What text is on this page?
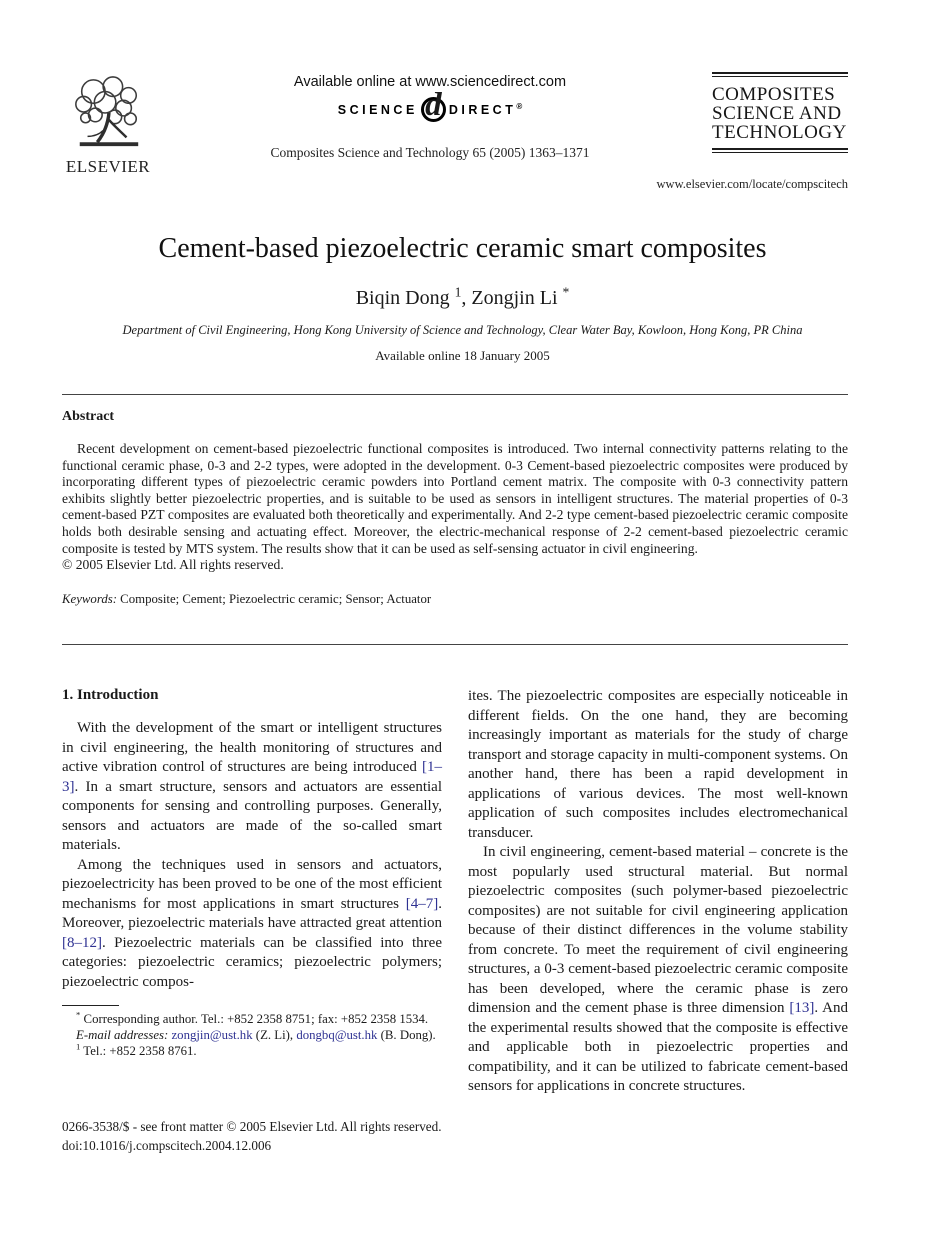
ELSEVIER
Available online at www.sciencedirect.com
SCIENCE d DIRECT®
Composites Science and Technology 65 (2005) 1363–1371
COMPOSITES
SCIENCE AND
TECHNOLOGY
www.elsevier.com/locate/compscitech
Cement-based piezoelectric ceramic smart composites
Biqin Dong $^1$, Zongjin Li *
Department of Civil Engineering, Hong Kong University of Science and Technology, Clear Water Bay, Kowloon, Hong Kong, PR China
Available online 18 January 2005
Abstract
Recent development on cement-based piezoelectric functional composites is introduced. Two internal connectivity patterns relating to the functional ceramic phase, 0-3 and 2-2 types, were adopted in the development. 0-3 Cement-based piezoelectric composites were produced by incorporating different types of piezoelectric ceramic powders into Portland cement matrix. The composite with 0-3 connectivity pattern exhibits slightly better piezoelectric properties, and is suitable to be used as sensors in intelligent structures. The material properties of 0-3 cement-based PZT composites are evaluated both theoretically and experimentally. And 2-2 type cement-based piezoelectric ceramic composite holds both desirable sensing and actuating effect. Moreover, the electric-mechanical response of 2-2 cement-based piezoelectric ceramic composite is tested by MTS system. The results show that it can be used as self-sensing actuator in civil engineering.
© 2005 Elsevier Ltd. All rights reserved.
Keywords: Composite; Cement; Piezoelectric ceramic; Sensor; Actuator
1. Introduction

With the development of the smart or intelligent structures in civil engineering, the health monitoring of structures and active vibration control of structures are being introduced [1–3]. In a smart structure, sensors and actuators are essential components for sensing and controlling purposes. Generally, sensors and actuators are made of the so-called smart materials.

Among the techniques used in sensors and actuators, piezoelectricity has been proved to be one of the most efficient mechanisms for most applications in smart structures [4–7]. Moreover, piezoelectric materials have attracted great attention [8–12]. Piezoelectric materials can be classified into three categories: piezoelectric ceramics; piezoelectric polymers; piezoelectric compos-

* Corresponding author. Tel.: +852 2358 8751; fax: +852 2358 1534.

E-mail addresses: zongjin@ust.hk (Z. Li), dongbq@ust.hk (B. Dong).

$^1$ Tel.: +852 2358 8761.

ites. The piezoelectric composites are especially noticeable in different fields. On the one hand, they are becoming increasingly important as materials for the study of charge transport and storage capacity in multi-component systems. On another hand, there has been a rapid development in applications of various devices. The most well-known application of such composites includes electromechanical transducer.

In civil engineering, cement-based material – concrete is the most popularly used structural material. But normal piezoelectric composites (such polymer-based piezoelectric composites) are not suitable for civil engineering application because of their distinct differences in the volume stability from concrete. To meet the requirement of civil engineering structures, a 0-3 cement-based piezoelectric ceramic composite has been developed, where the ceramic phase is zero dimension and the cement phase is three dimension [13]. And the experimental results showed that the composite is effective and applicable both in piezoelectric properties and compatibility, and it can be utilized to fabricate cement-based sensors for applications in concrete structures.

0266-3538/$ - see front matter © 2005 Elsevier Ltd. All rights reserved.
doi:10.1016/j.compscitech.2004.12.006
